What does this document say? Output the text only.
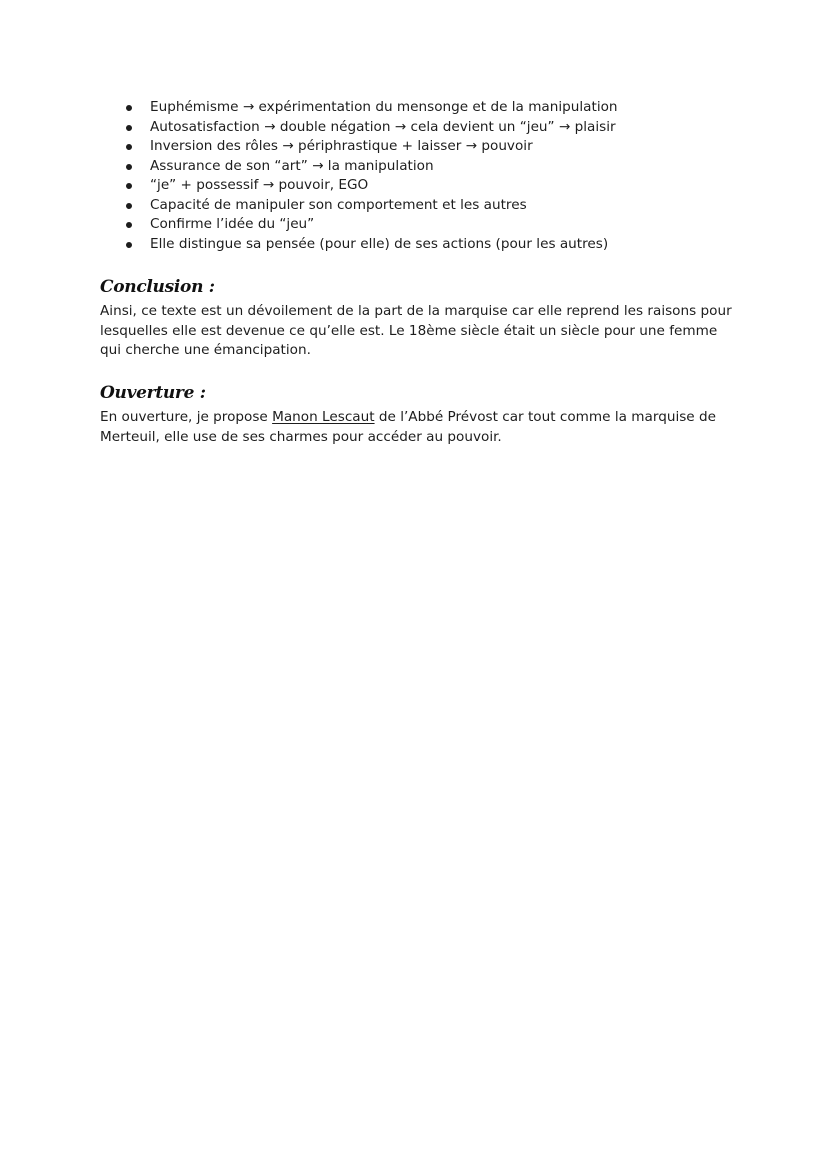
Euphémisme → expérimentation du mensonge et de la manipulation
Autosatisfaction → double négation → cela devient un “jeu” → plaisir
Inversion des rôles → périphrastique + laisser → pouvoir
Assurance de son “art” → la manipulation
“je” + possessif → pouvoir, EGO
Capacité de manipuler son comportement et les autres
Confirme l’idée du “jeu”
Elle distingue sa pensée (pour elle) de ses actions (pour les autres)
Conclusion :

Ainsi, ce texte est un dévoilement de la part de la marquise car elle reprend les raisons pour lesquelles elle est devenue ce qu’elle est. Le 18ème siècle était un siècle pour une femme qui cherche une émancipation.

Ouverture :

En ouverture, je propose Manon Lescaut de l’Abbé Prévost car tout comme la marquise de Merteuil, elle use de ses charmes pour accéder au pouvoir.
